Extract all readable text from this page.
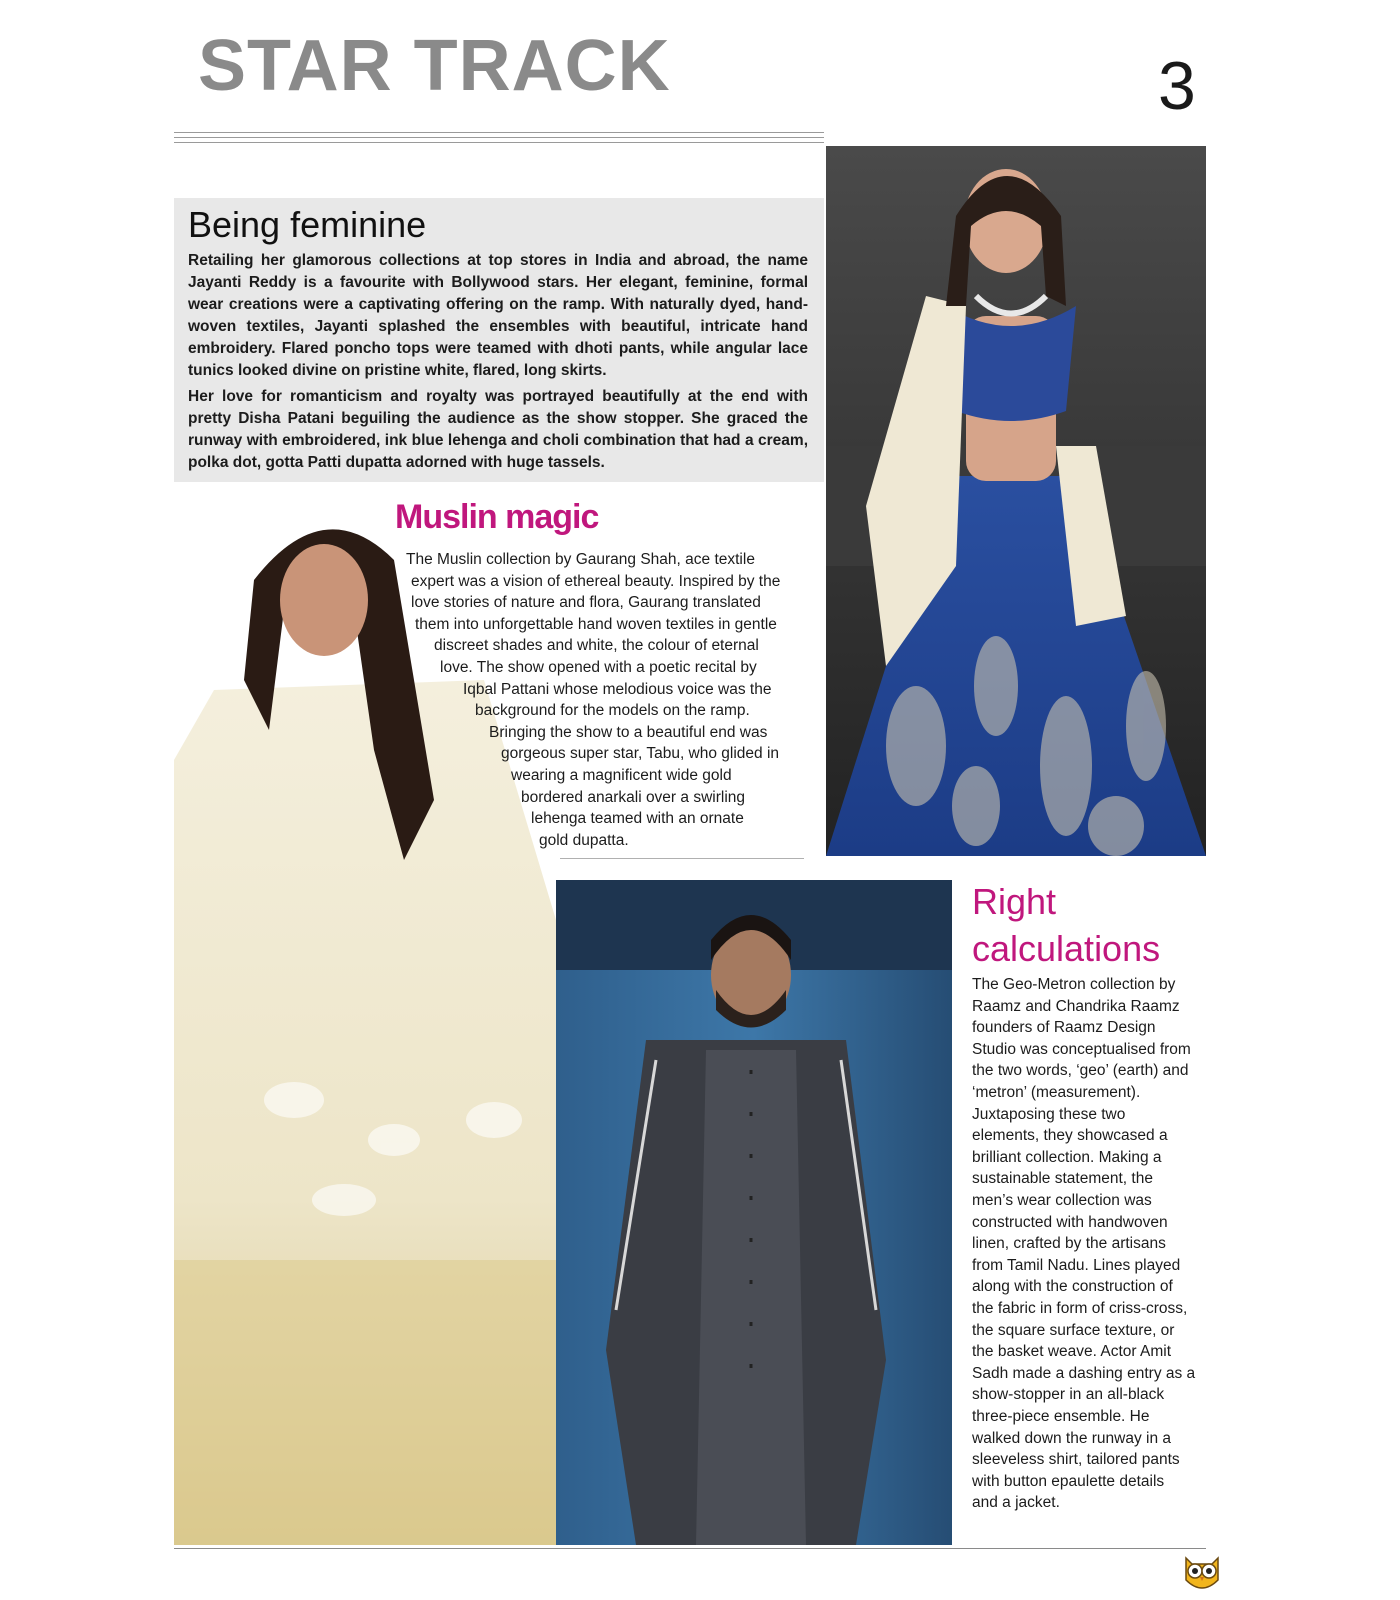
STAR TRACK	3
Being feminine
Retailing her glamorous collections at top stores in India and abroad, the name Jayanti Reddy is a favourite with Bollywood stars. Her elegant, feminine, formal wear creations were a captivating offering on the ramp. With naturally dyed, hand-woven textiles, Jayanti splashed the ensembles with beautiful, intricate hand embroidery. Flared poncho tops were teamed with dhoti pants, while angular lace tunics looked divine on pristine white, flared, long skirts.
Her love for romanticism and royalty was portrayed beautifully at the end with pretty Disha Patani beguiling the audience as the show stopper. She graced the runway with embroidered, ink blue lehenga and choli combination that had a cream, polka dot, gotta Patti dupatta adorned with huge tassels.
Muslin magic
The Muslin collection by Gaurang Shah, ace textile
expert was a vision of ethereal beauty. Inspired by the
love stories of nature and flora, Gaurang translated
them into unforgettable hand woven textiles in gentle
discreet shades and white, the colour of eternal
love. The show opened with a poetic recital by
Iqbal Pattani whose melodious voice was the
background for the models on the ramp.
Bringing the show to a beautiful end was
gorgeous super star, Tabu, who glided in
wearing a magnificent wide gold
bordered anarkali over a swirling
lehenga teamed with an ornate
gold dupatta.
Right
calculations
The Geo-Metron collection by
Raamz and Chandrika Raamz
founders of Raamz Design
Studio was conceptualised from
the two words, ‘geo’ (earth) and
‘metron’ (measurement).
Juxtaposing these two
elements, they showcased a
brilliant collection. Making a
sustainable statement, the
men’s wear collection was
constructed with handwoven
linen, crafted by the artisans
from Tamil Nadu. Lines played
along with the construction of
the fabric in form of criss-cross,
the square surface texture, or
the basket weave. Actor Amit
Sadh made a dashing entry as a
show-stopper in an all-black
three-piece ensemble. He
walked down the runway in a
sleeveless shirt, tailored pants
with button epaulette details
and a jacket.
